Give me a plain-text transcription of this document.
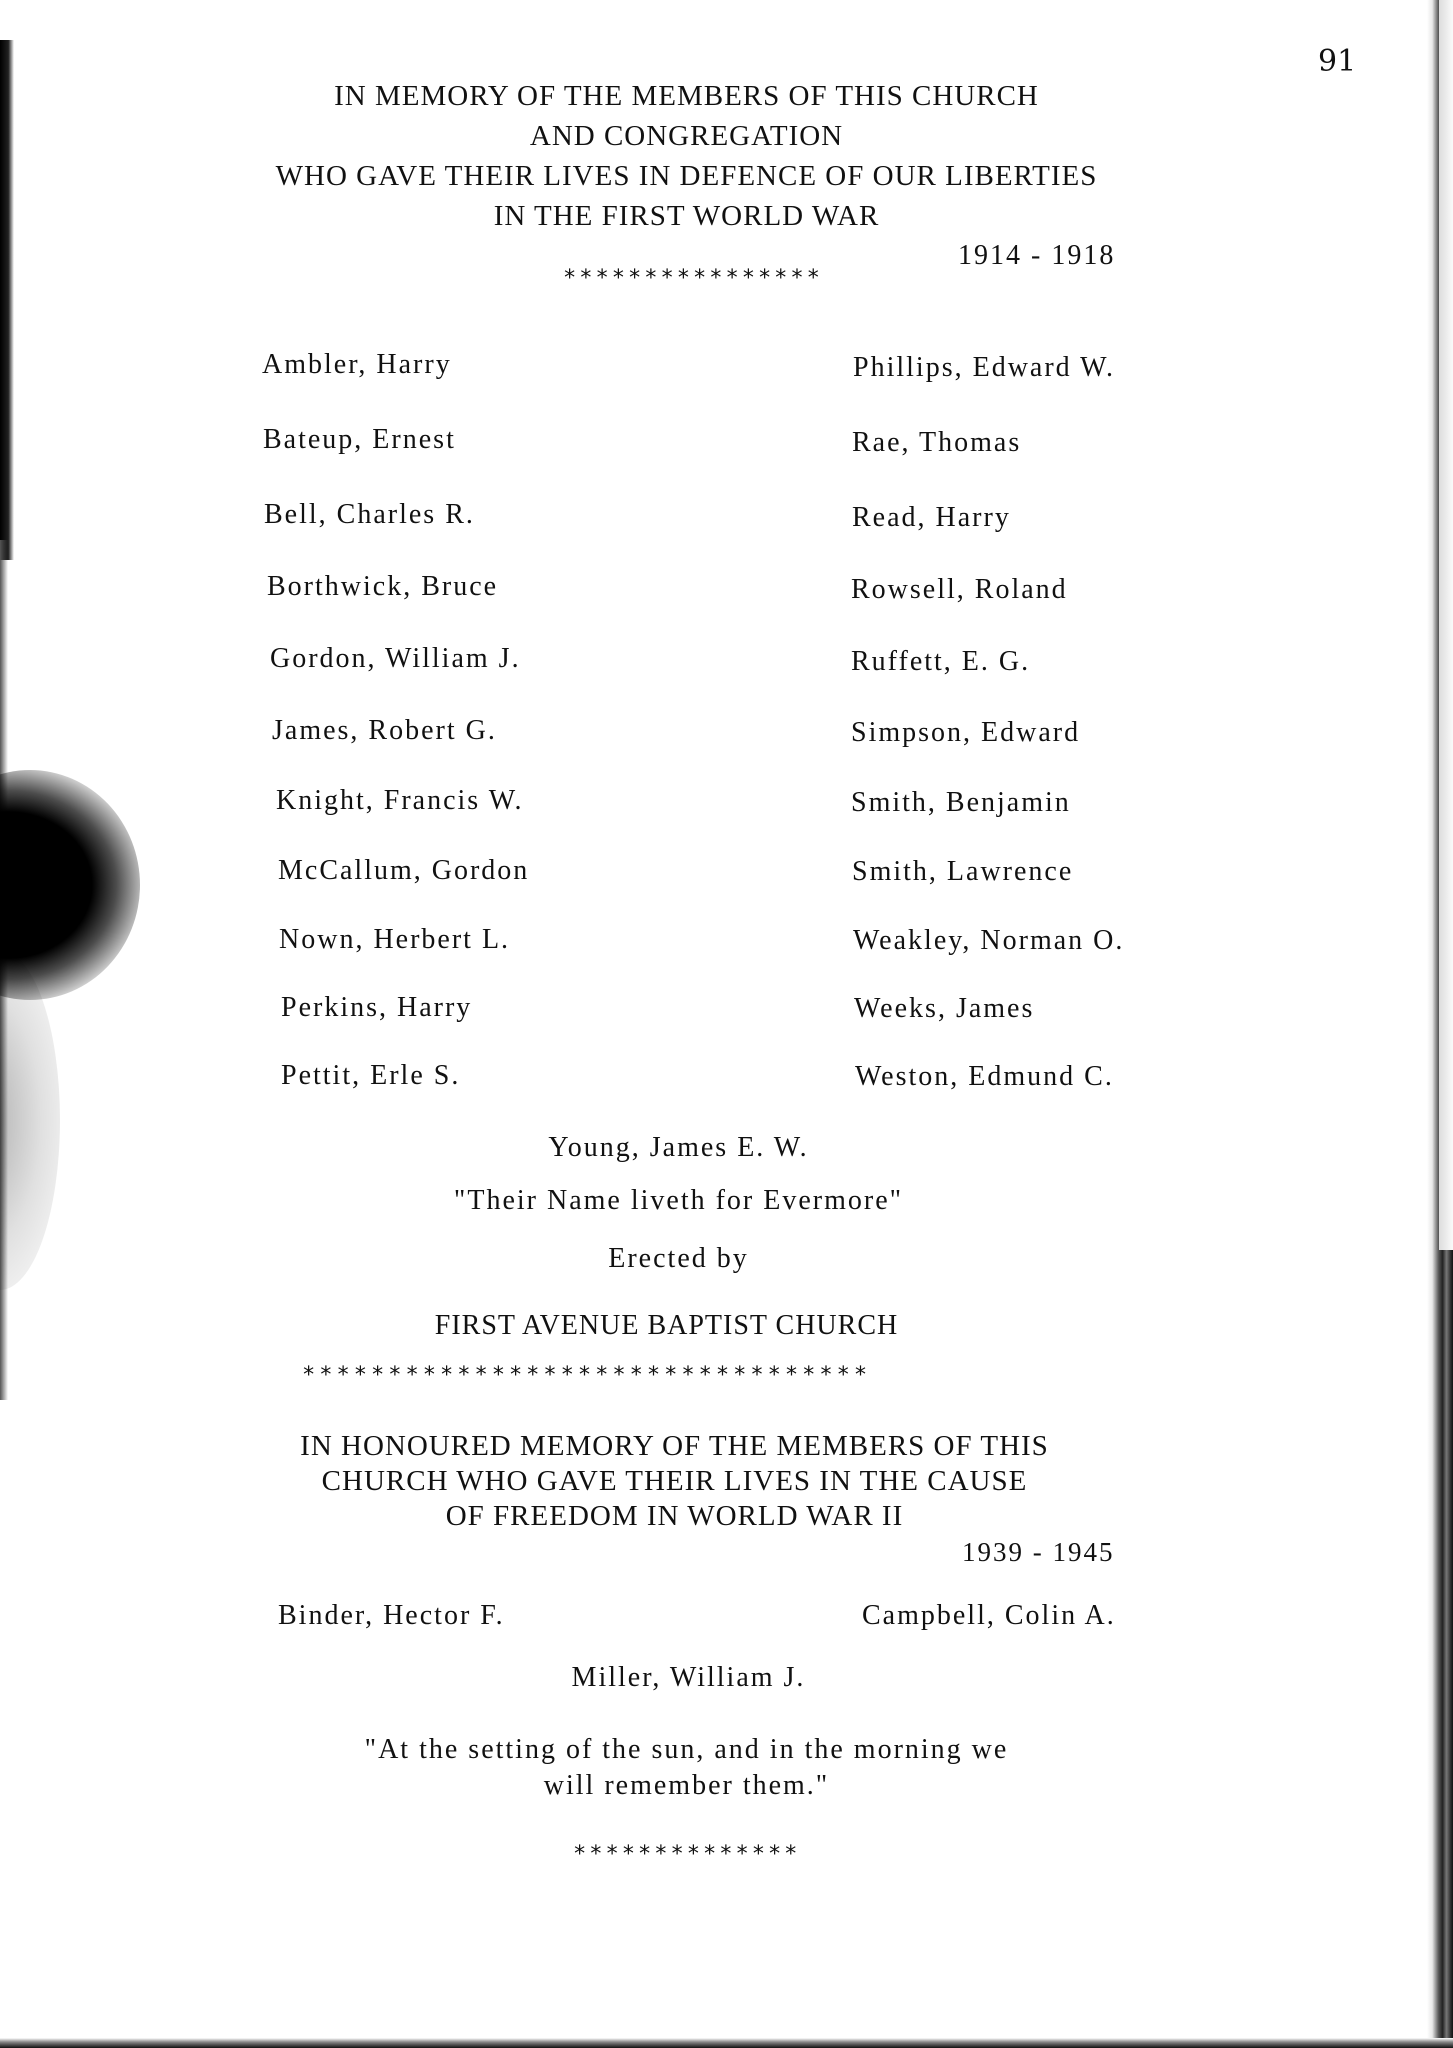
91
IN MEMORY OF THE MEMBERS OF THIS CHURCH
AND CONGREGATION
WHO GAVE THEIR LIVES IN DEFENCE OF OUR LIBERTIES
IN THE FIRST WORLD WAR
1914 - 1918
****************
Ambler, Harry
Bateup, Ernest
Bell, Charles R.
Borthwick, Bruce
Gordon, William J.
James, Robert G.
Knight, Francis W.
McCallum, Gordon
Nown, Herbert L.
Perkins, Harry
Pettit, Erle S.
Phillips, Edward W.
Rae, Thomas
Read, Harry
Rowsell, Roland
Ruffett, E. G.
Simpson, Edward
Smith, Benjamin
Smith, Lawrence
Weakley, Norman O.
Weeks, James
Weston, Edmund C.
Young, James E. W.
"Their Name liveth for Evermore"
Erected by
FIRST AVENUE BAPTIST CHURCH
*********************************
IN HONOURED MEMORY OF THE MEMBERS OF THIS
CHURCH WHO GAVE THEIR LIVES IN THE CAUSE
OF FREEDOM IN WORLD WAR II
1939 - 1945
Binder, Hector F.	Campbell, Colin A.
Miller, William J.
"At the setting of the sun, and in the morning we
will remember them."
**************
